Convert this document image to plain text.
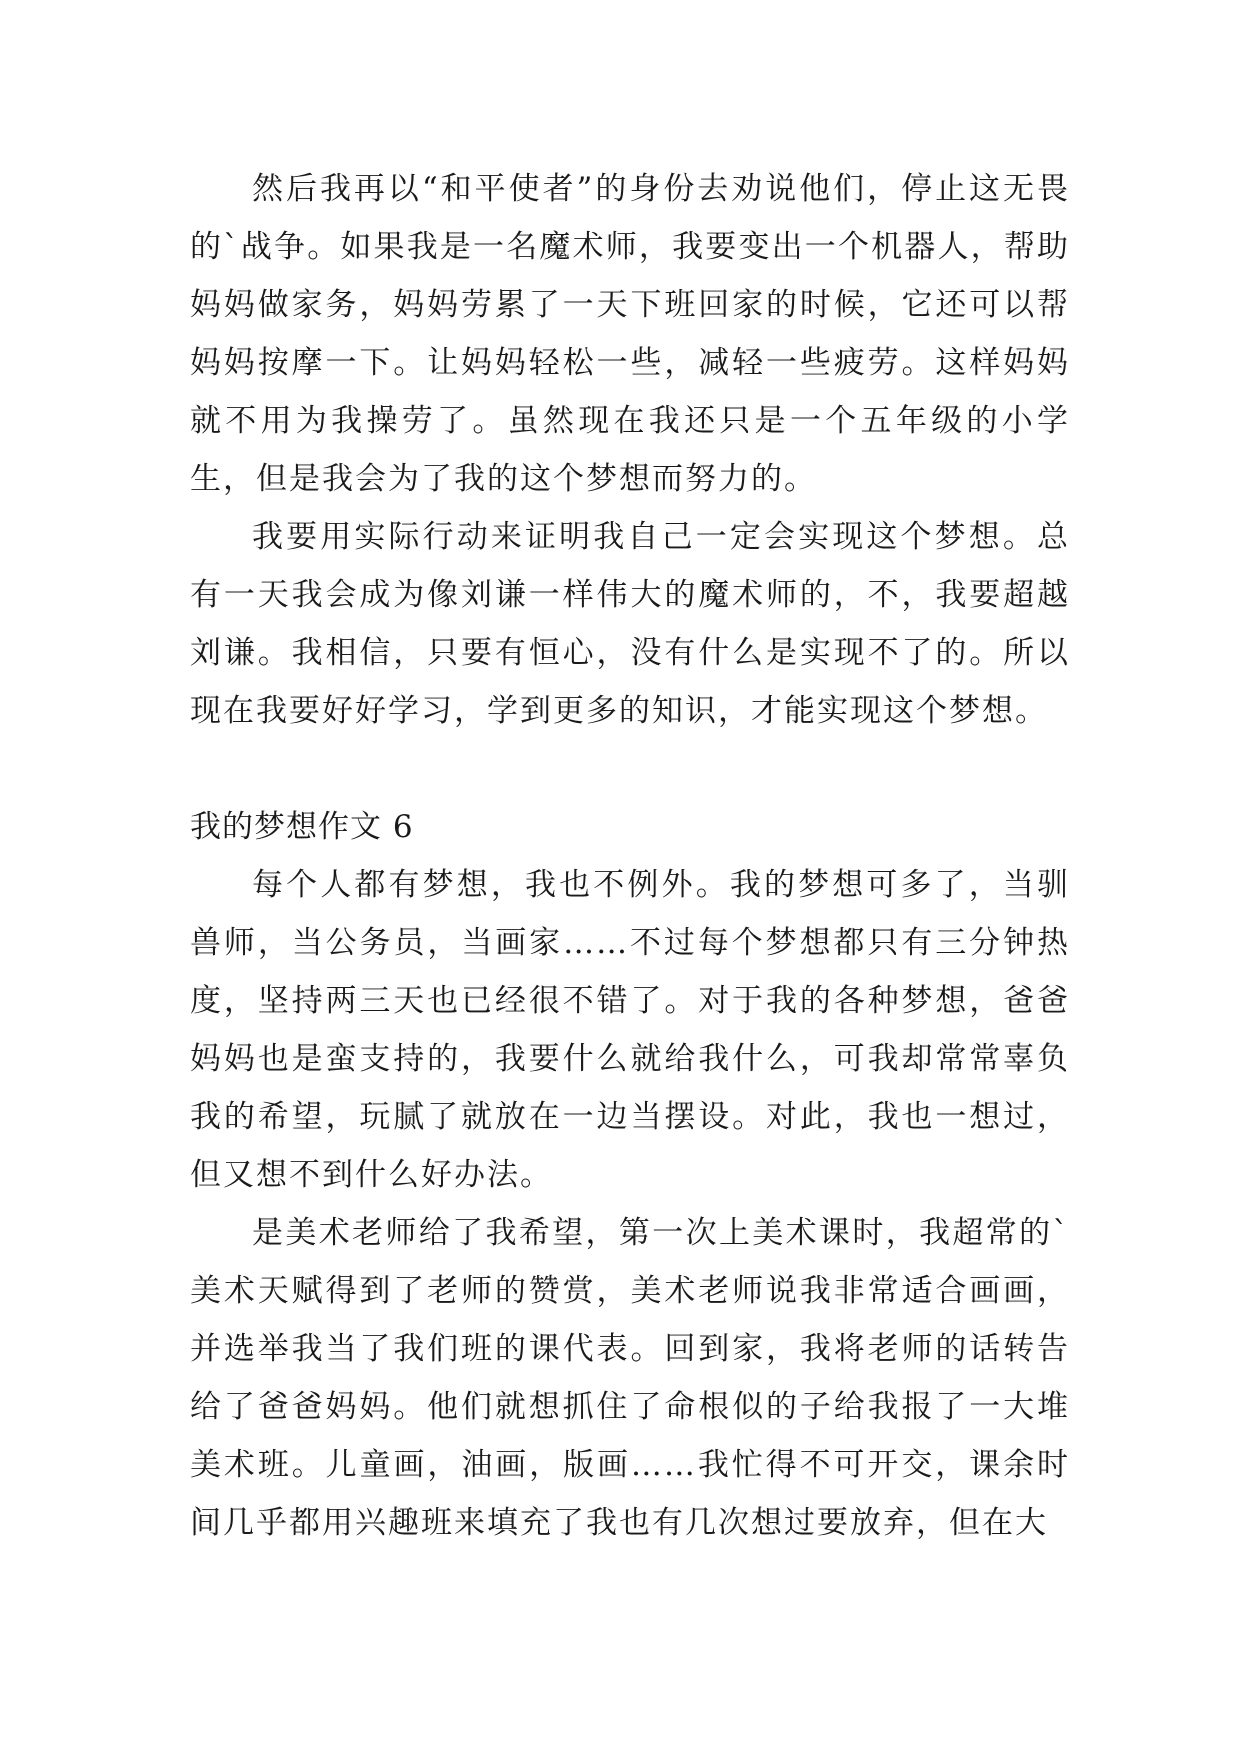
然后我再以“和平使者”的身份去劝说他们，停止这无畏的`战争。如果我是一名魔术师，我要变出一个机器人，帮助妈妈做家务，妈妈劳累了一天下班回家的时候，它还可以帮妈妈按摩一下。让妈妈轻松一些，减轻一些疲劳。这样妈妈就不用为我操劳了。虽然现在我还只是一个五年级的小学生，但是我会为了我的这个梦想而努力的。

我要用实际行动来证明我自己一定会实现这个梦想。总有一天我会成为像刘谦一样伟大的魔术师的，不，我要超越刘谦。我相信，只要有恒心，没有什么是实现不了的。所以现在我要好好学习，学到更多的知识，才能实现这个梦想。

我的梦想作文 6

每个人都有梦想，我也不例外。我的梦想可多了，当驯兽师，当公务员，当画家……不过每个梦想都只有三分钟热度，坚持两三天也已经很不错了。对于我的各种梦想，爸爸妈妈也是蛮支持的，我要什么就给我什么，可我却常常辜负我的希望，玩腻了就放在一边当摆设。对此，我也一想过，但又想不到什么好办法。

是美术老师给了我希望，第一次上美术课时，我超常的`美术天赋得到了老师的赞赏，美术老师说我非常适合画画，并选举我当了我们班的课代表。回到家，我将老师的话转告给了爸爸妈妈。他们就想抓住了命根似的子给我报了一大堆美术班。儿童画，油画，版画……我忙得不可开交，课余时间几乎都用兴趣班来填充了我也有几次想过要放弃，但在大
